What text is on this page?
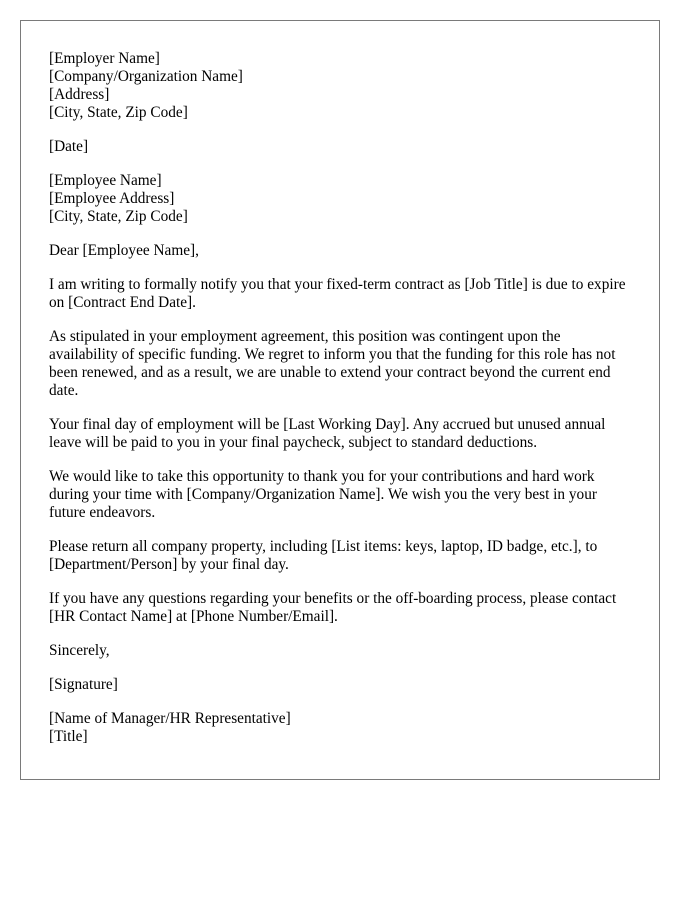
[Employer Name]
[Company/Organization Name]
[Address]
[City, State, Zip Code]
[Date]
[Employee Name]
[Employee Address]
[City, State, Zip Code]

Dear [Employee Name],

I am writing to formally notify you that your fixed-term contract as [Job Title] is due to expire on [Contract End Date].

As stipulated in your employment agreement, this position was contingent upon the availability of specific funding. We regret to inform you that the funding for this role has not been renewed, and as a result, we are unable to extend your contract beyond the current end date.

Your final day of employment will be [Last Working Day]. Any accrued but unused annual leave will be paid to you in your final paycheck, subject to standard deductions.

We would like to take this opportunity to thank you for your contributions and hard work during your time with [Company/Organization Name]. We wish you the very best in your future endeavors.

Please return all company property, including [List items: keys, laptop, ID badge, etc.], to [Department/Person] by your final day.

If you have any questions regarding your benefits or the off-boarding process, please contact [HR Contact Name] at [Phone Number/Email].

Sincerely,

[Signature]

[Name of Manager/HR Representative]
[Title]
